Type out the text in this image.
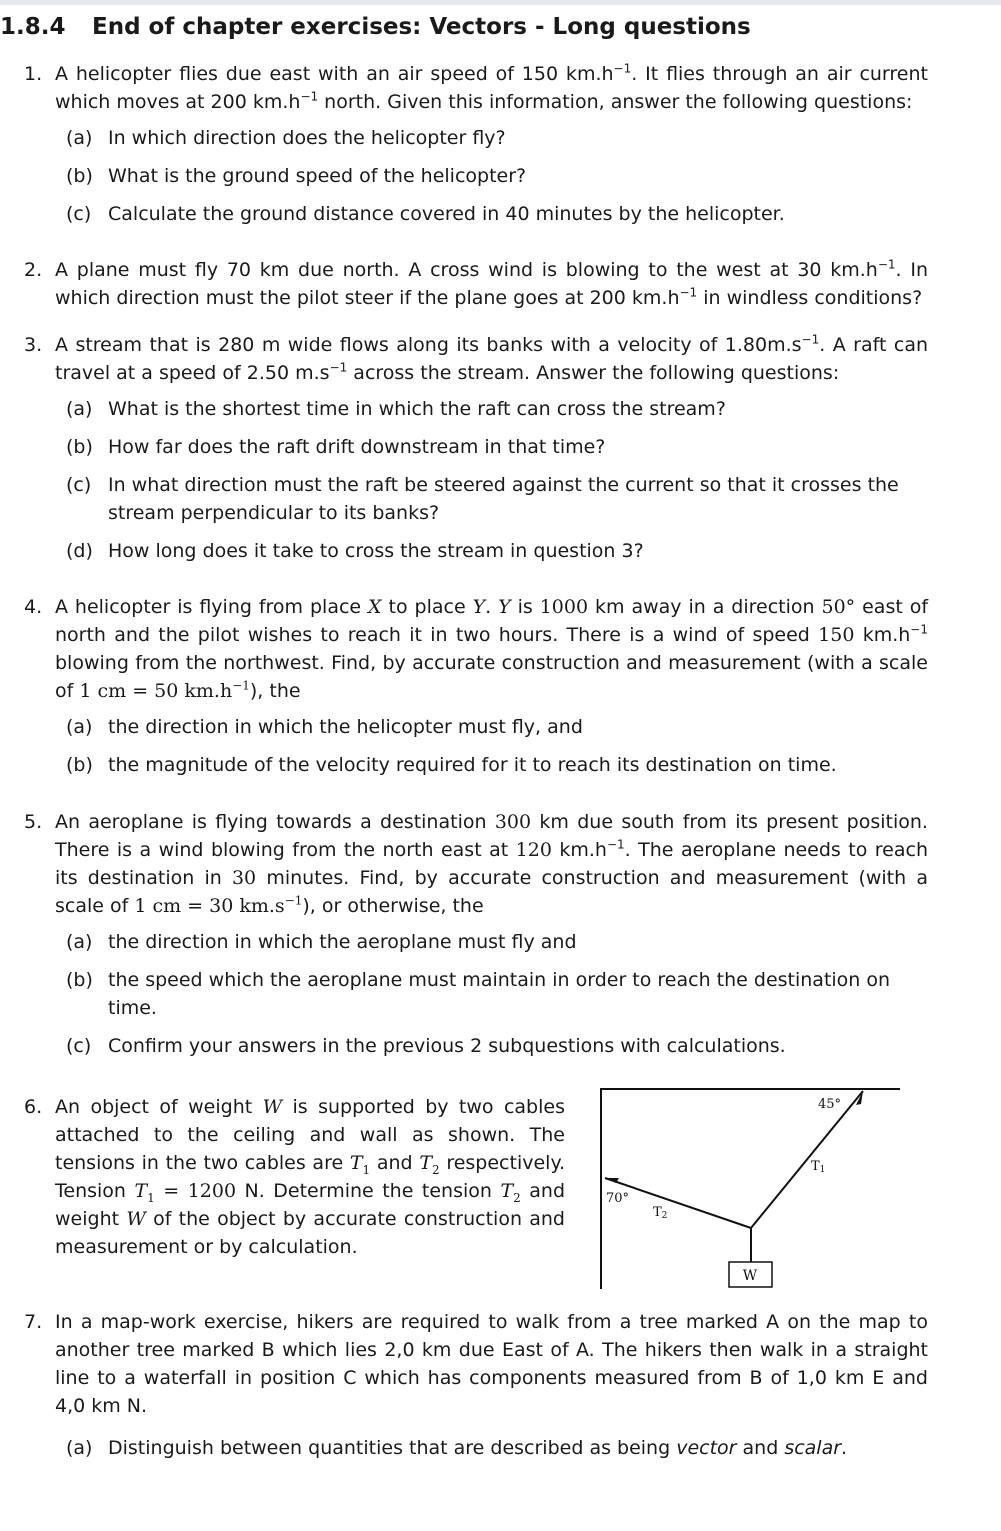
1.8.4 End of chapter exercises: Vectors - Long questions
1. A helicopter flies due east with an air speed of 150 $km.h^{-1}$. It flies through an air current which moves at 200 $km.h^{-1}$ north. Given this information, answer the following questions:
(a) In which direction does the helicopter fly?
(b) What is the ground speed of the helicopter?
(c) Calculate the ground distance covered in 40 minutes by the helicopter.
2. A plane must fly 70 km due north. A cross wind is blowing to the west at 30 $km.h^{-1}$. In which direction must the pilot steer if the plane goes at 200 $km.h^{-1}$ in windless conditions?
3. A stream that is 280 m wide flows along its banks with a velocity of $1.80m.s^{-1}$. A raft can travel at a speed of 2.50 $m.s^{-1}$ across the stream. Answer the following questions:
(a) What is the shortest time in which the raft can cross the stream?
(b) How far does the raft drift downstream in that time?
(c) In what direction must the raft be steered against the current so that it crosses the stream perpendicular to its banks?
(d) How long does it take to cross the stream in question 3?
4. A helicopter is flying from place X to place Y. Y is 1000 km away in a direction 50° east of north and the pilot wishes to reach it in two hours. There is a wind of speed 150 $km.h^{-1}$ blowing from the northwest. Find, by accurate construction and measurement (with a scale of 1 cm = 50 $km.h^{-1}$), the
(a) the direction in which the helicopter must fly, and
(b) the magnitude of the velocity required for it to reach its destination on time.
5. An aeroplane is flying towards a destination 300 km due south from its present position. There is a wind blowing from the north east at 120 $km.h^{-1}$. The aeroplane needs to reach its destination in 30 minutes. Find, by accurate construction and measurement (with a scale of 1 cm = 30 $km.s^{-1}$), or otherwise, the
(a) the direction in which the aeroplane must fly and
(b) the speed which the aeroplane must maintain in order to reach the destination on time.
(c) Confirm your answers in the previous 2 subquestions with calculations.
6. An object of weight W is supported by two cables attached to the ceiling and wall as shown. The tensions in the two cables are $T_1$ and $T_2$ respectively. Tension $T_1 = 1200$ N. Determine the tension $T_2$ and weight W of the object by accurate construction and measurement or by calculation.
W
45°
70°
T1
T2
7. In a map-work exercise, hikers are required to walk from a tree marked A on the map to another tree marked B which lies 2,0 km due East of A. The hikers then walk in a straight line to a waterfall in position C which has components measured from B of 1,0 km E and 4,0 km N.
(a) Distinguish between quantities that are described as being vector and scalar.
